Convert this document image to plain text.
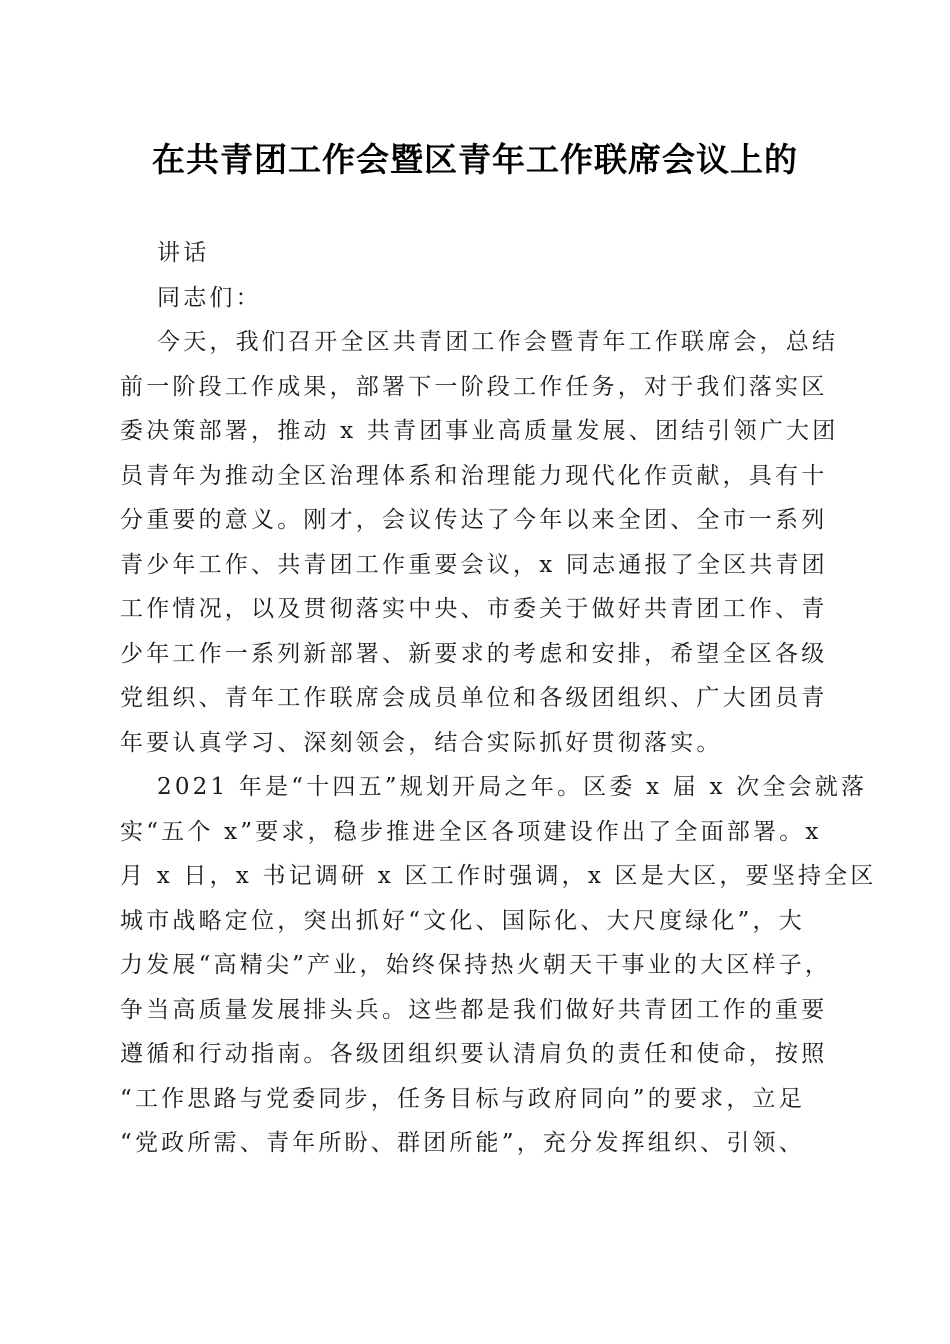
在共青团工作会暨区青年工作联席会议上的
讲话
同志们：
今天，我们召开全区共青团工作会暨青年工作联席会，总结
前一阶段工作成果，部署下一阶段工作任务，对于我们落实区
委决策部署，推动 x 共青团事业高质量发展、团结引领广大团
员青年为推动全区治理体系和治理能力现代化作贡献，具有十
分重要的意义。刚才，会议传达了今年以来全团、全市一系列
青少年工作、共青团工作重要会议，x 同志通报了全区共青团
工作情况，以及贯彻落实中央、市委关于做好共青团工作、青
少年工作一系列新部署、新要求的考虑和安排，希望全区各级
党组织、青年工作联席会成员单位和各级团组织、广大团员青
年要认真学习、深刻领会，结合实际抓好贯彻落实。
2021 年是“十四五”规划开局之年。区委 x 届 x 次全会就落
实“五个 x”要求，稳步推进全区各项建设作出了全面部署。x
月 x 日，x 书记调研 x 区工作时强调，x 区是大区，要坚持全区
城市战略定位，突出抓好“文化、国际化、大尺度绿化”，大
力发展“高精尖”产业，始终保持热火朝天干事业的大区样子，
争当高质量发展排头兵。这些都是我们做好共青团工作的重要
遵循和行动指南。各级团组织要认清肩负的责任和使命，按照
“工作思路与党委同步，任务目标与政府同向”的要求，立足
“党政所需、青年所盼、群团所能”，充分发挥组织、引领、
